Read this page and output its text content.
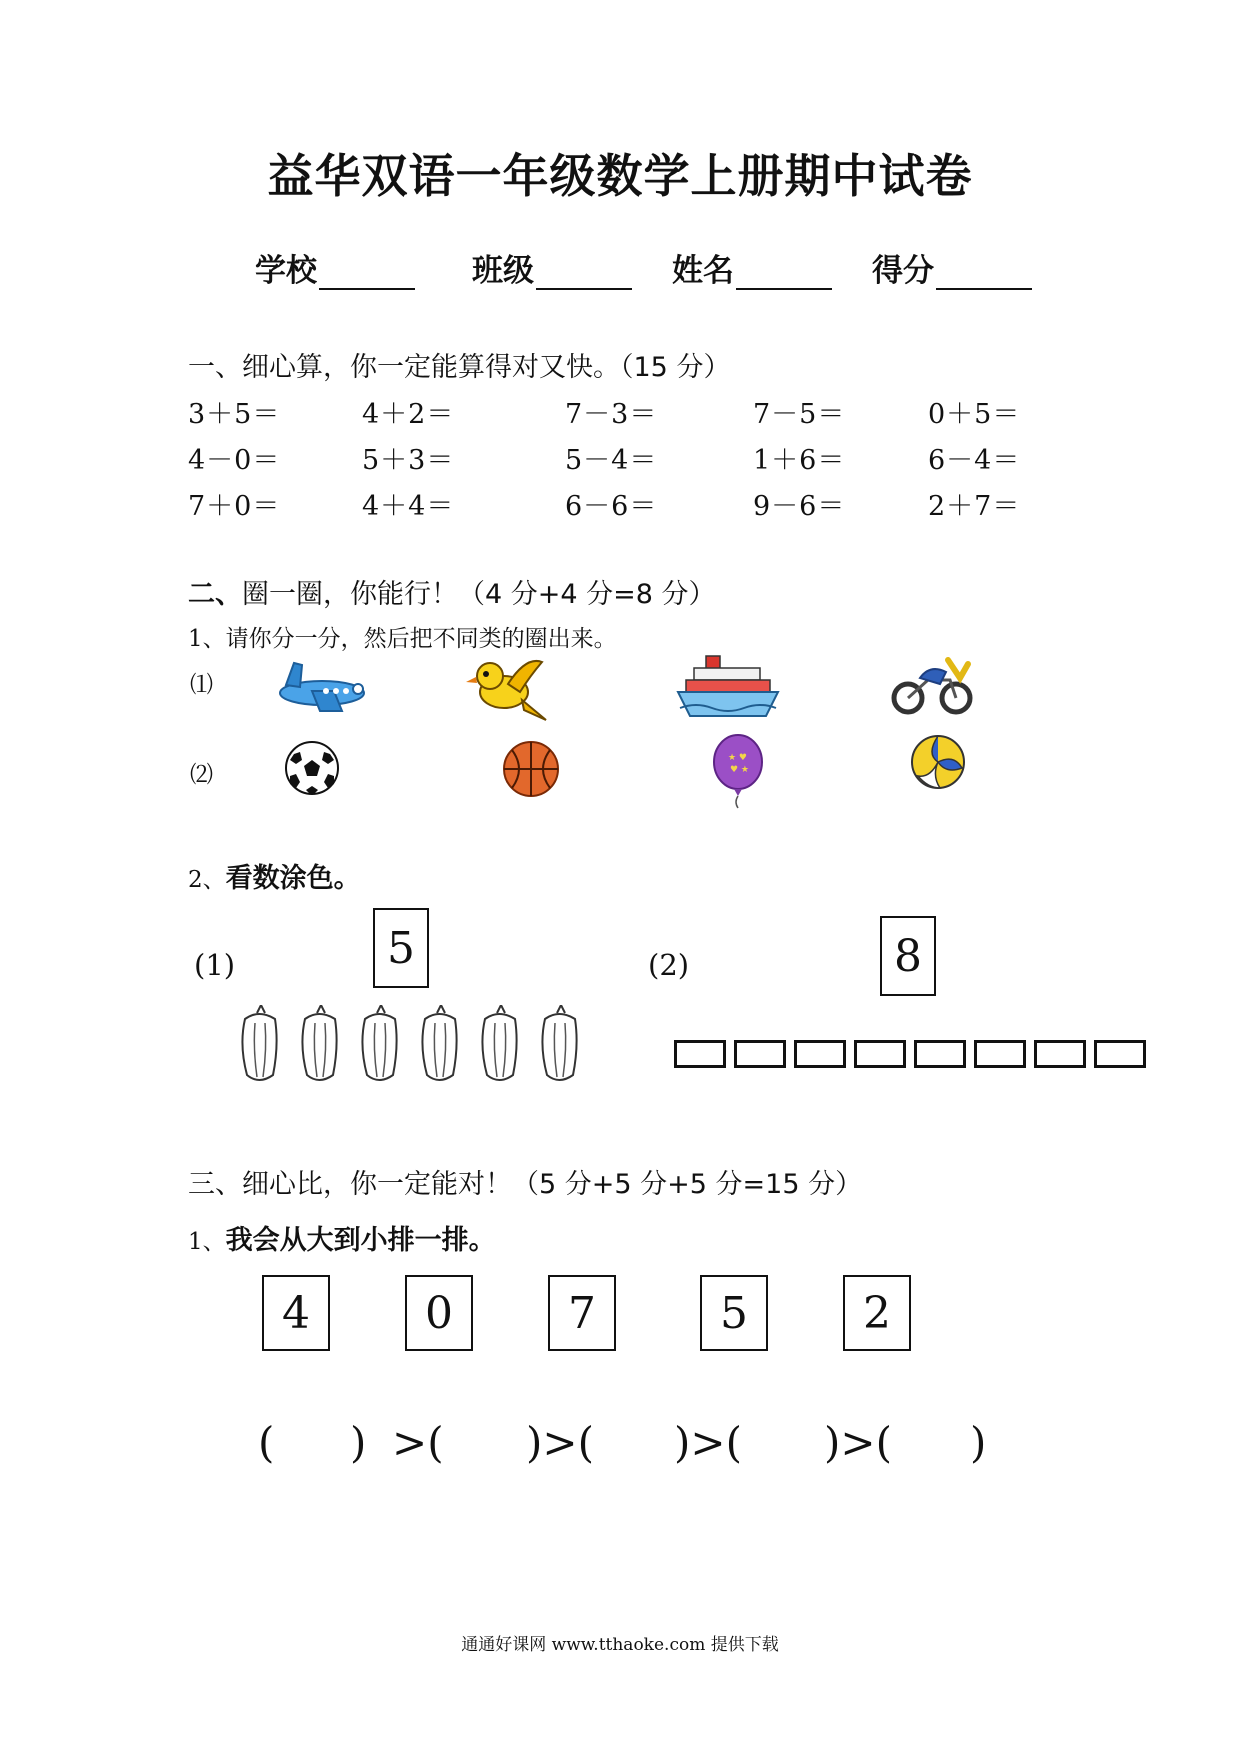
益华双语一年级数学上册期中试卷
学校	班级	姓名	得分
一、细心算，你一定能算得对又快。（15 分）
3＋5＝	4＋2＝	7－3＝	7－5＝	0＋5＝
4－0＝	5＋3＝	5－4＝	1＋6＝	6－4＝
7＋0＝	4＋4＝	6－6＝	9－6＝	2＋7＝
二、圈一圈，你能行！（4 分+4 分=8 分）
1、请你分一分，然后把不同类的圈出来。
⑴
⑵
★ ♥
♥ ★
2、看数涂色。
(1)	5	(2)	8
三、细心比，你一定能对！（5 分+5 分+5 分=15 分）
1、我会从大到小排一排。
4	0	7	5	2
( ) >( )>( )>( )>( )
通通好课网 www.tthaoke.com 提供下载
